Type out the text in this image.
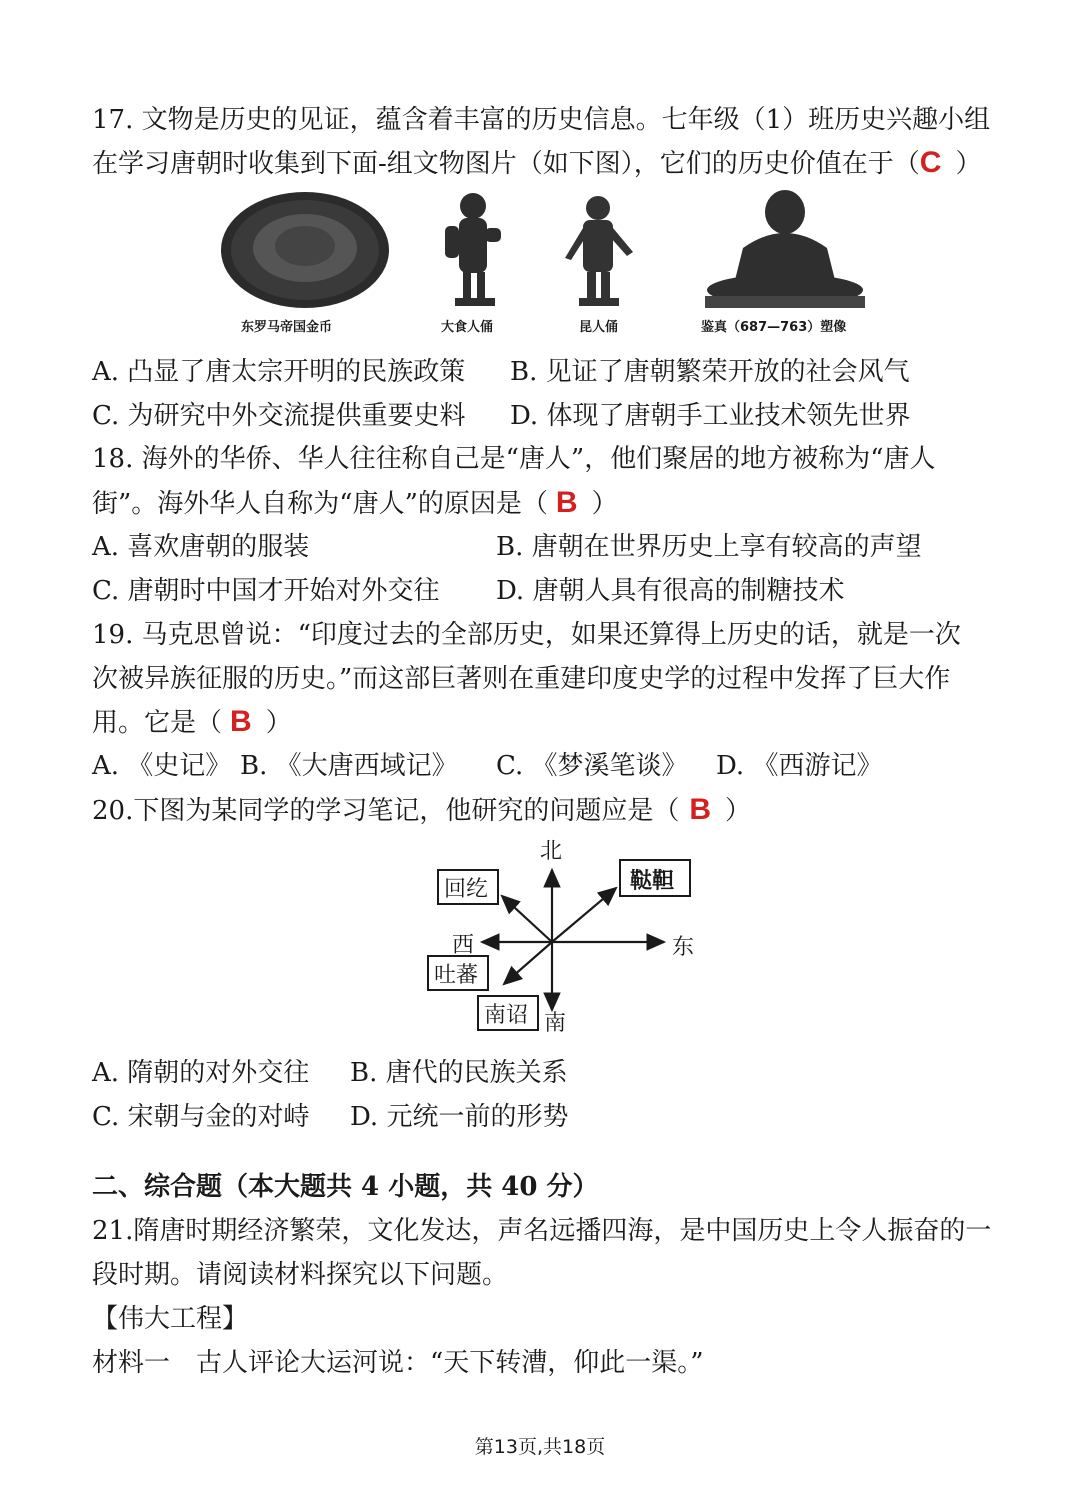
17. 文物是历史的见证，蕴含着丰富的历史信息。七年级（1）班历史兴趣小组
在学习唐朝时收集到下面-组文物图片（如下图），它们的历史价值在于（C ）
东罗马帝国金币	大食人俑	昆人俑	鉴真（687—763）塑像
A. 凸显了唐太宗开明的民族政策 B. 见证了唐朝繁荣开放的社会风气
C. 为研究中外交流提供重要史料 D. 体现了唐朝手工业技术领先世界
18. 海外的华侨、华人往往称自己是“唐人”，他们聚居的地方被称为“唐人
街”。海外华人自称为“唐人”的原因是（ B ）
A. 喜欢唐朝的服装	B. 唐朝在世界历史上享有较高的声望
C. 唐朝时中国才开始对外交往 D. 唐朝人具有很高的制糖技术
19. 马克思曾说：“印度过去的全部历史，如果还算得上历史的话，就是一次
次被异族征服的历史。”而这部巨著则在重建印度史学的过程中发挥了巨大作
用。它是（ B ）
A. 《史记》 B. 《大唐西域记》 C. 《梦溪笔谈》 D. 《西游记》
20.下图为某同学的学习笔记，他研究的问题应是（ B ）
北
南
东
西
回纥	鞑靼
吐蕃
南诏
A. 隋朝的对外交往 B. 唐代的民族关系
C. 宋朝与金的对峙 D. 元统一前的形势
二、综合题（本大题共 4 小题，共 40 分）
21.隋唐时期经济繁荣，文化发达，声名远播四海，是中国历史上令人振奋的一
段时期。请阅读材料探究以下问题。
【伟大工程】
材料一　古人评论大运河说：“天下转漕，仰此一渠。”
第13页,共18页
